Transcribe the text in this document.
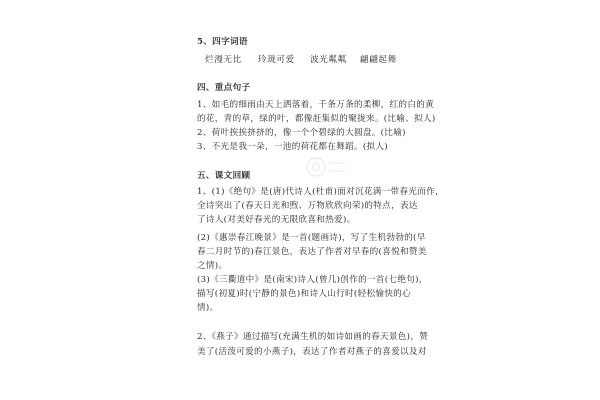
5、四字词语
烂漫无比 玲珑可爱 波光粼粼 翩翩起舞
四、重点句子
1、如毛的细雨由天上洒落着，千条万条的柔柳，红的白的黄
的花，青的草，绿的叶，都像赶集似的聚拢来。(比喻、拟人)
2、荷叶挨挨挤挤的，像一个个碧绿的大圆盘。(比喻)
3、不光是我一朵，一池的荷花都在舞蹈。(拟人)
五、课文回顾
1、(1)《绝句》是(唐)代诗人(杜甫)面对沉花满一带春光而作，
全诗突出了(春天日光和煦、万物欣欣向荣)的特点，表达
了诗人(对美好春光的无限欣喜和热爱)。
(2)《惠崇春江晚景》是一首(题画诗)，写了生机勃勃的(早
春二月时节的)春江景色，表达了作者对早春的(喜悦和赞美
之情)。
(3)《三衢道中》是(南宋)诗人(曾几)创作的一首(七绝句)，
描写(初夏)时(宁静的景色)和诗人山行时(轻松愉快的心
情)。
2、《燕子》通过描写(充满生机的如诗如画的春天景色)，赞
美了(活泼可爱的小燕子)，表达了作者对燕子的喜爱以及对
